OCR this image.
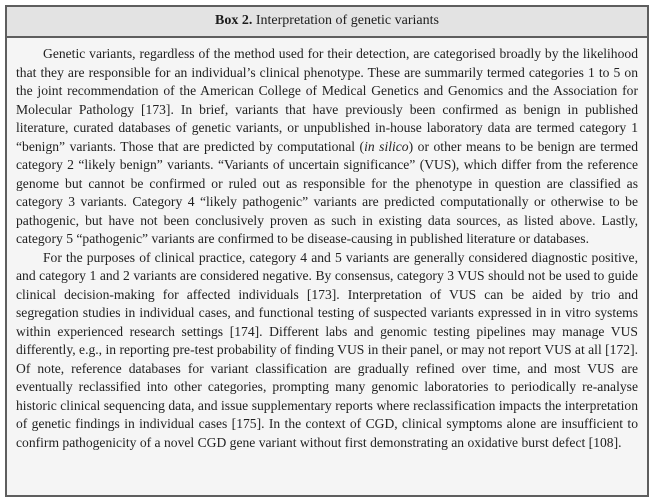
Box 2. Interpretation of genetic variants

Genetic variants, regardless of the method used for their detection, are categorised broadly by the likelihood that they are responsible for an individual’s clinical phenotype. These are summarily termed categories 1 to 5 on the joint recommendation of the American College of Medical Genetics and Genomics and the Association for Molecular Pathology [173]. In brief, variants that have previously been confirmed as benign in published literature, curated databases of genetic variants, or unpublished in-house laboratory data are termed category 1 “benign” variants. Those that are predicted by computational (in silico) or other means to be benign are termed category 2 “likely benign” variants. “Variants of uncertain significance” (VUS), which differ from the reference genome but cannot be confirmed or ruled out as responsible for the phenotype in question are classified as category 3 variants. Category 4 “likely pathogenic” variants are predicted computationally or otherwise to be pathogenic, but have not been conclusively proven as such in existing data sources, as listed above. Lastly, category 5 “pathogenic” variants are confirmed to be disease-causing in published literature or databases.

For the purposes of clinical practice, category 4 and 5 variants are generally considered diagnostic positive, and category 1 and 2 variants are considered negative. By consensus, category 3 VUS should not be used to guide clinical decision-making for affected individuals [173]. Interpretation of VUS can be aided by trio and segregation studies in individual cases, and functional testing of suspected variants expressed in in vitro systems within experienced research settings [174]. Different labs and genomic testing pipelines may manage VUS differently, e.g., in reporting pre-test probability of finding VUS in their panel, or may not report VUS at all [172]. Of note, reference databases for variant classification are gradually refined over time, and most VUS are eventually reclassified into other categories, prompting many genomic laboratories to periodically re-analyse historic clinical sequencing data, and issue supplementary reports where reclassification impacts the interpretation of genetic findings in individual cases [175]. In the context of CGD, clinical symptoms alone are insufficient to confirm pathogenicity of a novel CGD gene variant without first demonstrating an oxidative burst defect [108].
